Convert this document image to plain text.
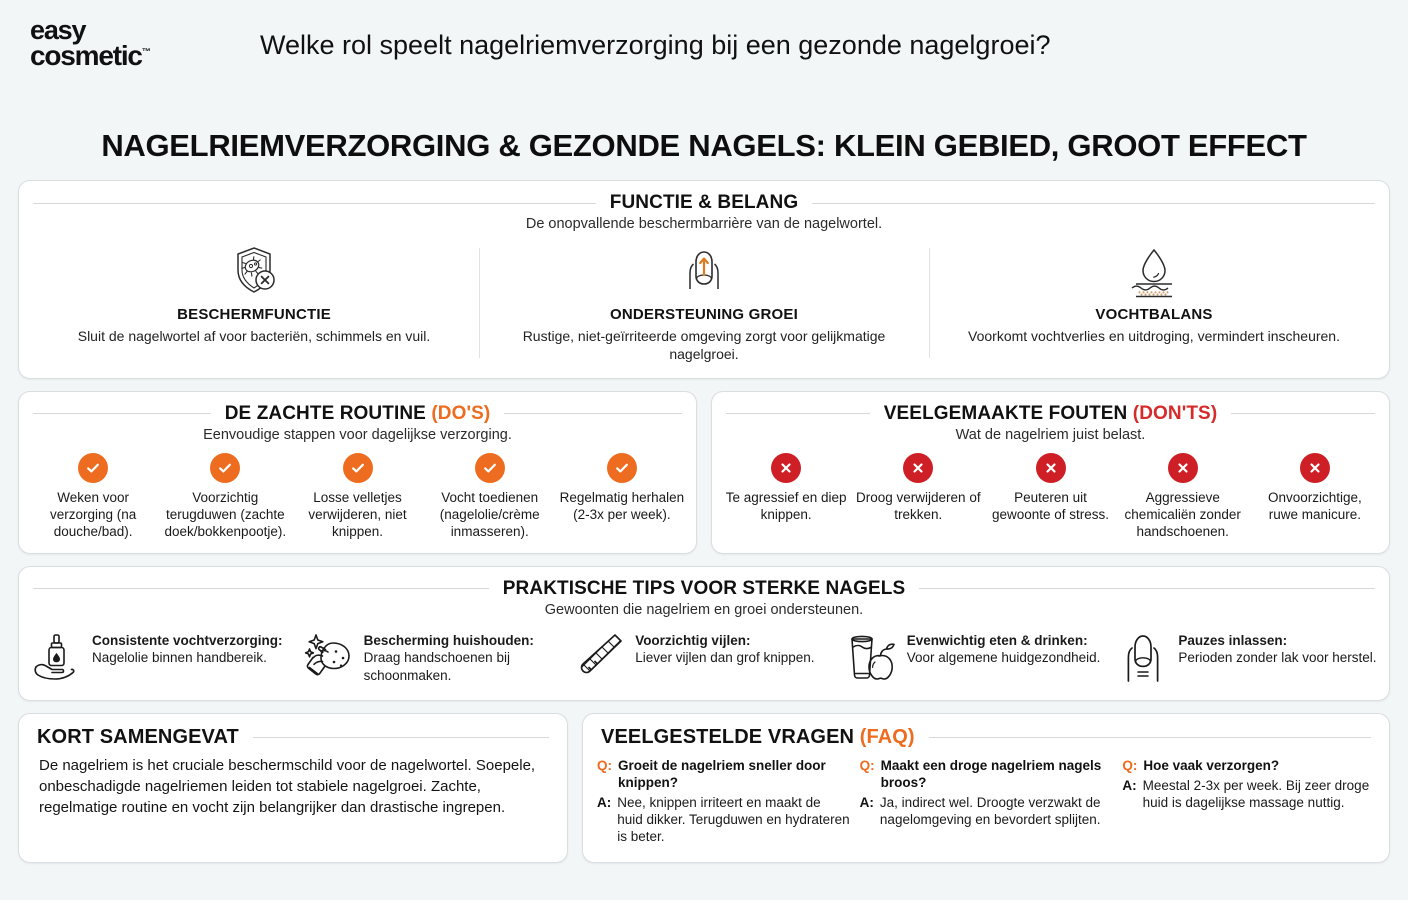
easy
cosmetic™	Welke rol speelt nagelriemverzorging bij een gezonde nagelgroei?
NAGELRIEMVERZORGING & GEZONDE NAGELS: KLEIN GEBIED, GROOT EFFECT
FUNCTIE & BELANG
De onopvallende beschermbarrière van de nagelwortel.
BESCHERMFUNCTIE
Sluit de nagelwortel af voor bacteriën, schimmels en vuil.
ONDERSTEUNING GROEI
Rustige, niet-geïrriteerde omgeving zorgt voor gelijkmatige nagelgroei.
VOCHTBALANS
Voorkomt vochtverlies en uitdroging, vermindert inscheuren.
DE ZACHTE ROUTINE (DO'S)
Eenvoudige stappen voor dagelijkse verzorging.
Weken voor verzorging (na douche/bad).
Voorzichtig terugduwen (zachte doek/bokkenpootje).
Losse velletjes verwijderen, niet knippen.
Vocht toedienen (nagelolie/crème inmasseren).
Regelmatig herhalen (2-3x per week).
VEELGEMAAKTE FOUTEN (DON'TS)
Wat de nagelriem juist belast.
Te agressief en diep knippen.
Droog verwijderen of trekken.
Peuteren uit gewoonte of stress.
Aggressieve chemicaliën zonder handschoenen.
Onvoorzichtige, ruwe manicure.
PRAKTISCHE TIPS VOOR STERKE NAGELS
Gewoonten die nagelriem en groei ondersteunen.
Consistente vochtverzorging:
Nagelolie binnen handbereik.
Bescherming huishouden:
Draag handschoenen bij schoonmaken.
Voorzichtig vijlen:
Liever vijlen dan grof knippen.
Evenwichtig eten & drinken:
Voor algemene huidgezondheid.
Pauzes inlassen:
Perioden zonder lak voor herstel.
KORT SAMENGEVAT
De nagelriem is het cruciale beschermschild voor de nagelwortel. Soepele, onbeschadigde nagelriemen leiden tot stabiele nagelgroei. Zachte, regelmatige routine en vocht zijn belangrijker dan drastische ingrepen.
VEELGESTELDE VRAGEN (FAQ)
Q: Groeit de nagelriem sneller door knippen?
A: Nee, knippen irriteert en maakt de huid dikker. Terugduwen en hydrateren is beter.
Q: Maakt een droge nagelriem nagels broos?
A: Ja, indirect wel. Droogte verzwakt de nagelomgeving en bevordert splijten.
Q: Hoe vaak verzorgen?
A: Meestal 2-3x per week. Bij zeer droge huid is dagelijkse massage nuttig.
